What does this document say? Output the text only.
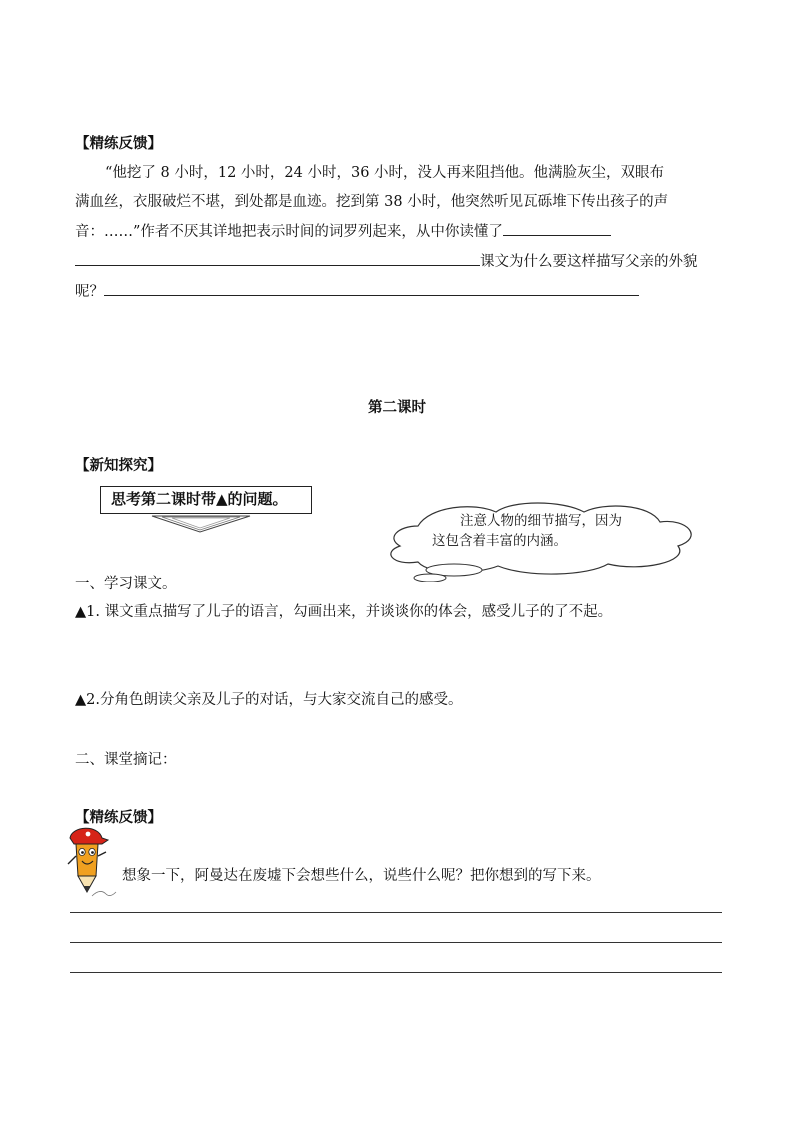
【精练反馈】
“他挖了 8 小时，12 小时，24 小时，36 小时，没人再来阻挡他。他满脸灰尘，双眼布
满血丝，衣服破烂不堪，到处都是血迹。挖到第 38 小时，他突然听见瓦砾堆下传出孩子的声
音：……”作者不厌其详地把表示时间的词罗列起来，从中你读懂了
课文为什么要这样描写父亲的外貌
呢？
第二课时
【新知探究】
思考第二课时带▲的问题。
注意人物的细节描写，因为
这包含着丰富的内涵。
一、学习课文。
▲1. 课文重点描写了儿子的语言，勾画出来，并谈谈你的体会，感受儿子的了不起。
▲2.分角色朗读父亲及儿子的对话，与大家交流自己的感受。
二、课堂摘记：
【精练反馈】
想象一下，阿曼达在废墟下会想些什么，说些什么呢？把你想到的写下来。
